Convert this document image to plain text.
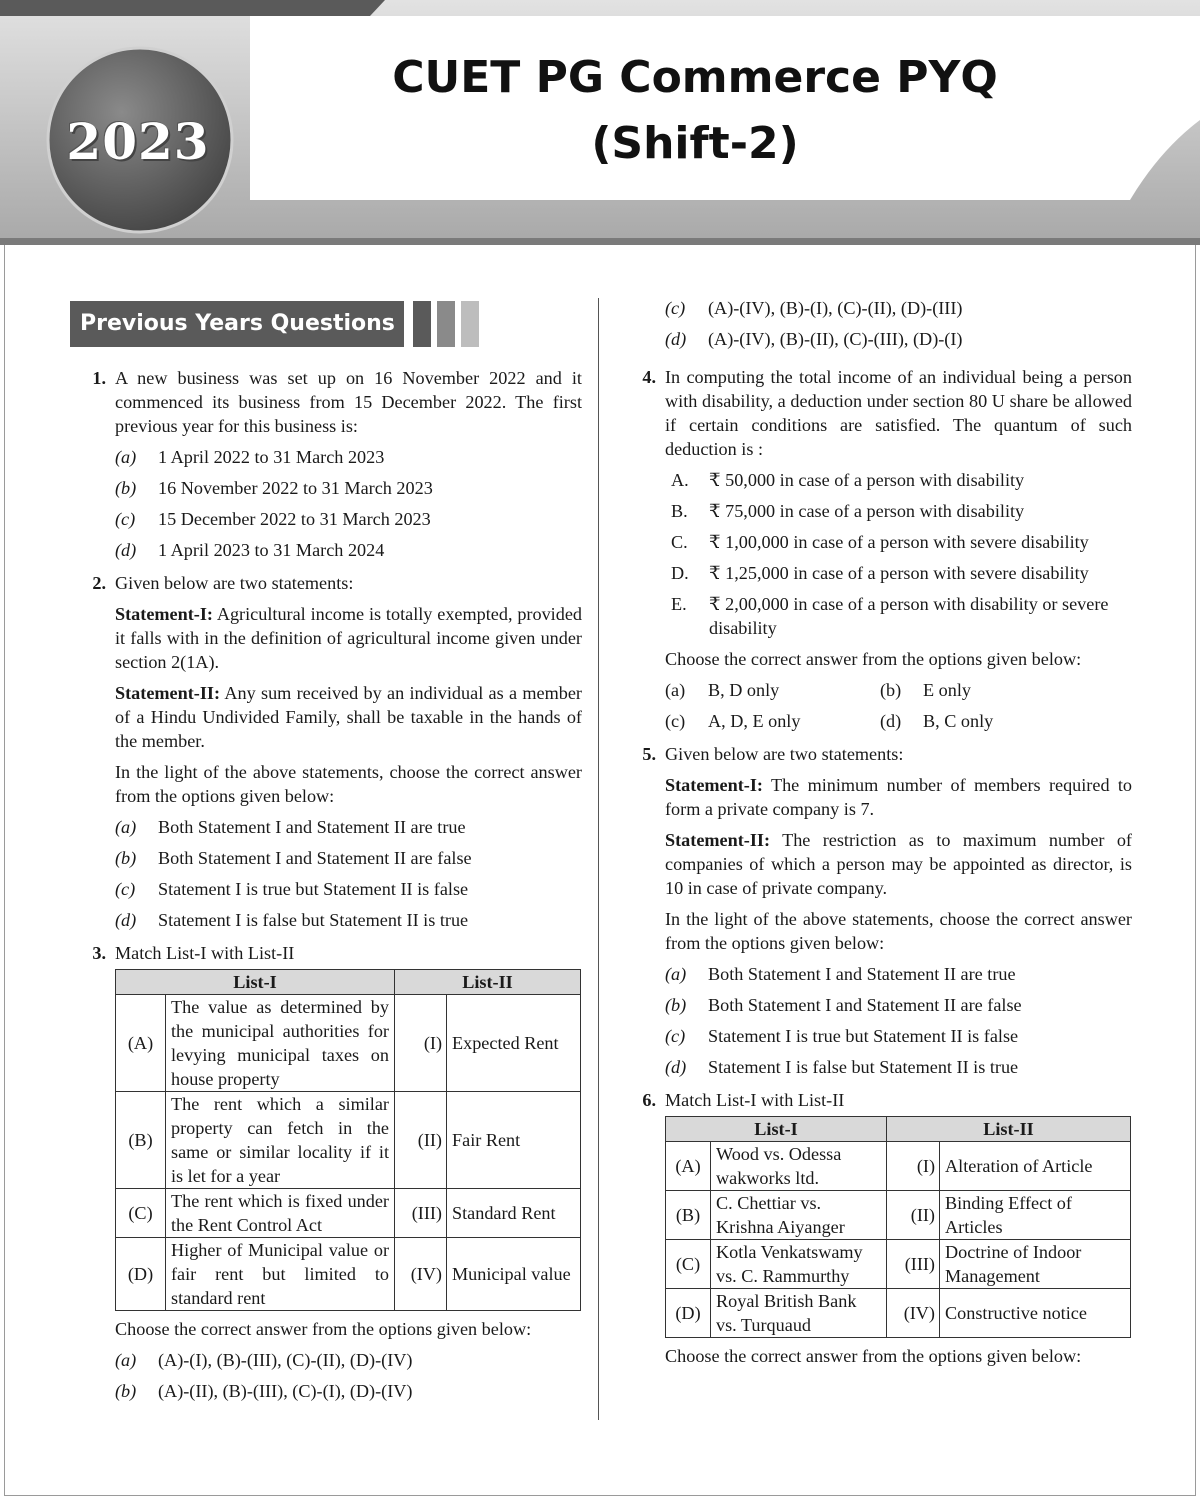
2023
CUET PG Commerce PYQ
(Shift-2)
Previous Years Questions
1. A new business was set up on 16 November 2022 and it commenced its business from 15 December 2022. The first previous year for this business is:

(a) 1 April 2022 to 31 March 2023
(b) 16 November 2022 to 31 March 2023
(c) 15 December 2022 to 31 March 2023
(d) 1 April 2023 to 31 March 2024
2. Given below are two statements:

Statement-I: Agricultural income is totally exempted, provided it falls with in the definition of agricultural income given under section 2(1A).

Statement-II: Any sum received by an individual as a member of a Hindu Undivided Family, shall be taxable in the hands of the member.

In the light of the above statements, choose the correct answer from the options given below:

(a) Both Statement I and Statement II are true
(b) Both Statement I and Statement II are false
(c) Statement I is true but Statement II is false
(d) Statement I is false but Statement II is true
3. Match List-I with List-II

List-I		List-II	
(A)	The value as determined by the municipal authorities for levying municipal taxes on house property	(I)	Expected Rent
(B)	The rent which a similar property can fetch in the same or similar locality if it is let for a year	(II)	Fair Rent
(C)	The rent which is fixed under the Rent Control Act	(III)	Standard Rent
(D)	Higher of Municipal value or fair rent but limited to standard rent	(IV)	Municipal value

Choose the correct answer from the options given below:

(a) (A)-(I), (B)-(III), (C)-(II), (D)-(IV)
(b) (A)-(II), (B)-(III), (C)-(I), (D)-(IV)
(c) (A)-(IV), (B)-(I), (C)-(II), (D)-(III)
(d) (A)-(IV), (B)-(II), (C)-(III), (D)-(I)
4. In computing the total income of an individual being a person with disability, a deduction under section 80 U share be allowed if certain conditions are satisfied. The quantum of such deduction is :

A. ₹ 50,000 in case of a person with disability
B. ₹ 75,000 in case of a person with disability
C. ₹ 1,00,000 in case of a person with severe disability
D. ₹ 1,25,000 in case of a person with severe disability
E. ₹ 2,00,000 in case of a person with disability or severe disability

Choose the correct answer from the options given below:

(a) B, D only	(b) E only
(c) A, D, E only	(d) B, C only
5. Given below are two statements:

Statement-I: The minimum number of members required to form a private company is 7.

Statement-II: The restriction as to maximum number of companies of which a person may be appointed as director, is 10 in case of private company.

In the light of the above statements, choose the correct answer from the options given below:

(a) Both Statement I and Statement II are true
(b) Both Statement I and Statement II are false
(c) Statement I is true but Statement II is false
(d) Statement I is false but Statement II is true
6. Match List-I with List-II

List-I		List-II	
(A)	Wood vs. Odessa wakworks ltd.	(I)	Alteration of Article
(B)	C. Chettiar vs. Krishna Aiyanger	(II)	Binding Effect of Articles
(C)	Kotla Venkatswamy vs. C. Rammurthy	(III)	Doctrine of Indoor Management
(D)	Royal British Bank vs. Turquaud	(IV)	Constructive notice

Choose the correct answer from the options given below:
